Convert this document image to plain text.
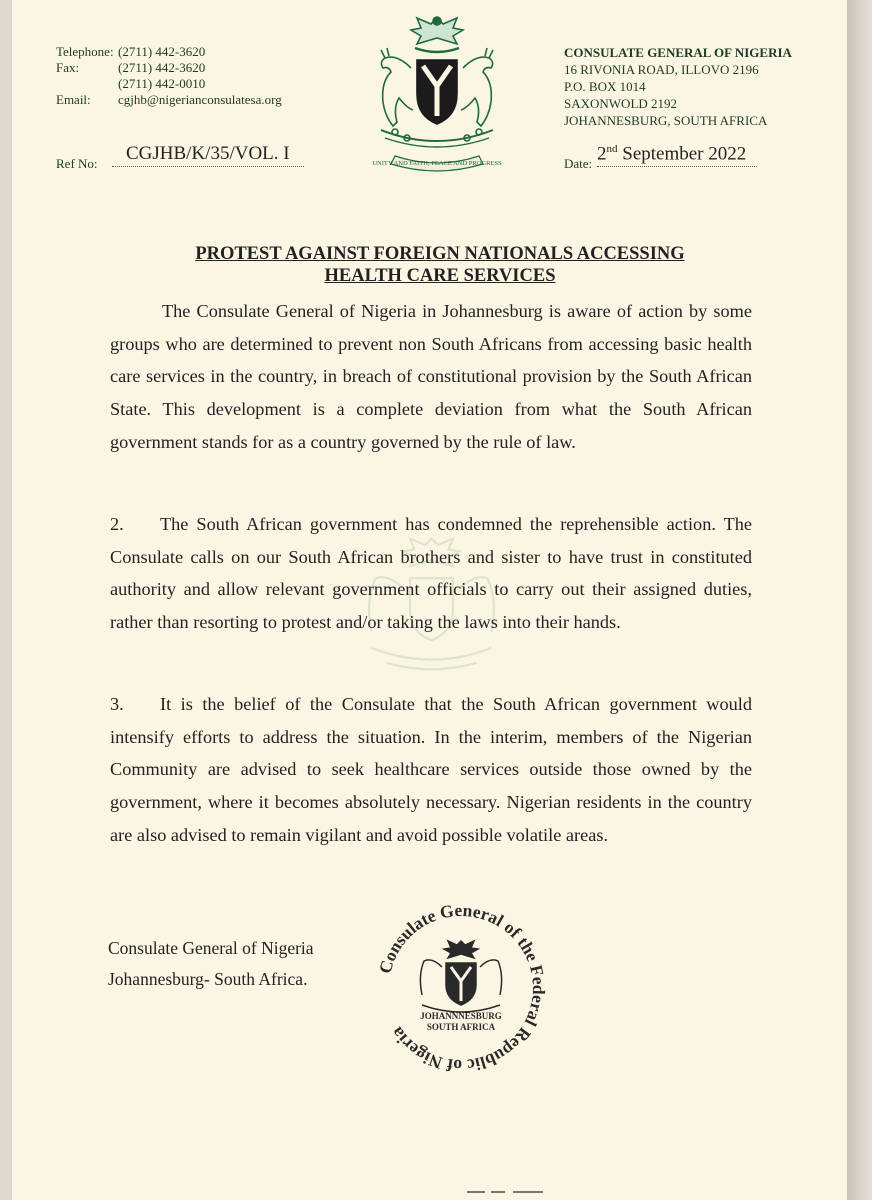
Telephone: (2711) 442-3620
Fax:	(2711) 442-3620
(2711) 442-0010
Email: cgjhb@nigerianconsulatesa.org
UNITY AND FAITH, PEACE AND PROGRESS
CONSULATE GENERAL OF NIGERIA
16 RIVONIA ROAD, ILLOVO 2196
P.O. BOX 1014
SAXONWOLD 2192
JOHANNESBURG, SOUTH AFRICA
Ref No:	CGJHB/K/35/VOL. I	Date: 2nd September 2022
PROTEST AGAINST FOREIGN NATIONALS ACCESSING
HEALTH CARE SERVICES
The Consulate General of Nigeria in Johannesburg is aware of action by some groups who are determined to prevent non South Africans from accessing basic health care services in the country, in breach of constitutional provision by the South African State. This development is a complete deviation from what the South African government stands for as a country governed by the rule of law.
2. The South African government has condemned the reprehensible action. The Consulate calls on our South African brothers and sister to have trust in constituted authority and allow relevant government officials to carry out their assigned duties, rather than resorting to protest and/or taking the laws into their hands.
3. It is the belief of the Consulate that the South African government would intensify efforts to address the situation. In the interim, members of the Nigerian Community are advised to seek healthcare services outside those owned by the government, where it becomes absolutely necessary. Nigerian residents in the country are also advised to remain vigilant and avoid possible volatile areas.
Consulate General of Nigeria
Johannesburg- South Africa.
Consulate General of the Federal Republic of Nigeria
JOHANNNESBURG
SOUTH AFRICA
